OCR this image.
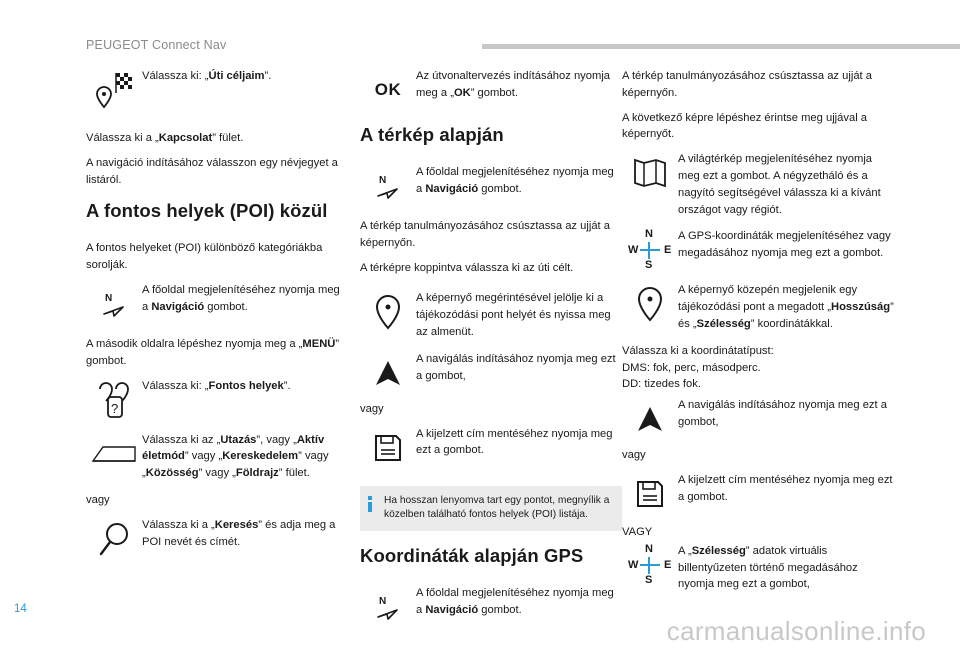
PEUGEOT Connect Nav
Válassza ki: „Úti céljaim”.

Válassza ki a „Kapcsolat” fület.

A navigáció indításához válasszon egy névjegyet a listáról.

A fontos helyek (POI) közül

A fontos helyeket (POI) különböző kategóriákba sorolják.

N
A főoldal megjelenítéséhez nyomja meg a Navigáció gombot.

A második oldalra lépéshez nyomja meg a „MENÜ” gombot.

?
Válassza ki: „Fontos helyek”.
Válassza ki az „Utazás”, vagy „Aktív életmód” vagy „Kereskedelem” vagy „Közösség” vagy „Földrajz” fület.

vagy

Válassza ki a „Keresés” és adja meg a POI nevét és címét.
OK
Az útvonaltervezés indításához nyomja meg a „OK” gombot.
A térkép alapján
N
A főoldal megjelenítéséhez nyomja meg a Navigáció gombot.

A térkép tanulmányozásához csúsztassa az ujját a képernyőn.

A térképre koppintva válassza ki az úti célt.

A képernyő megérintésével jelölje ki a tájékozódási pont helyét és nyissa meg az almenüt.
A navigálás indításához nyomja meg ezt a gombot,

vagy

A kijelzett cím mentéséhez nyomja meg ezt a gombot.
Ha hosszan lenyomva tart egy pontot, megnyílik a közelben található fontos helyek (POI) listája.
Koordináták alapján GPS
N
A főoldal megjelenítéséhez nyomja meg a Navigáció gombot.

A térkép tanulmányozásához csúsztassa az ujját a képernyőn.

A következő képre lépéshez érintse meg ujjával a képernyőt.

A világtérkép megjelenítéséhez nyomja meg ezt a gombot. A négyzetháló és a nagyító segítségével válassza ki a kívánt országot vagy régiót.
N
W E
S
A GPS-koordináták megjelenítéséhez vagy megadásához nyomja meg ezt a gombot.
A képernyő közepén megjelenik egy tájékozódási pont a megadott „Hosszúság” és „Szélesség” koordinátákkal.

Válassza ki a koordinátatípust:
DMS: fok, perc, másodperc.
DD: tizedes fok.

A navigálás indításához nyomja meg ezt a gombot,

vagy

A kijelzett cím mentéséhez nyomja meg ezt a gombot.

VAGY

N
W E
S
A „Szélesség” adatok virtuális billentyűzeten történő megadásához nyomja meg ezt a gombot,
14
carmanualsonline.info
